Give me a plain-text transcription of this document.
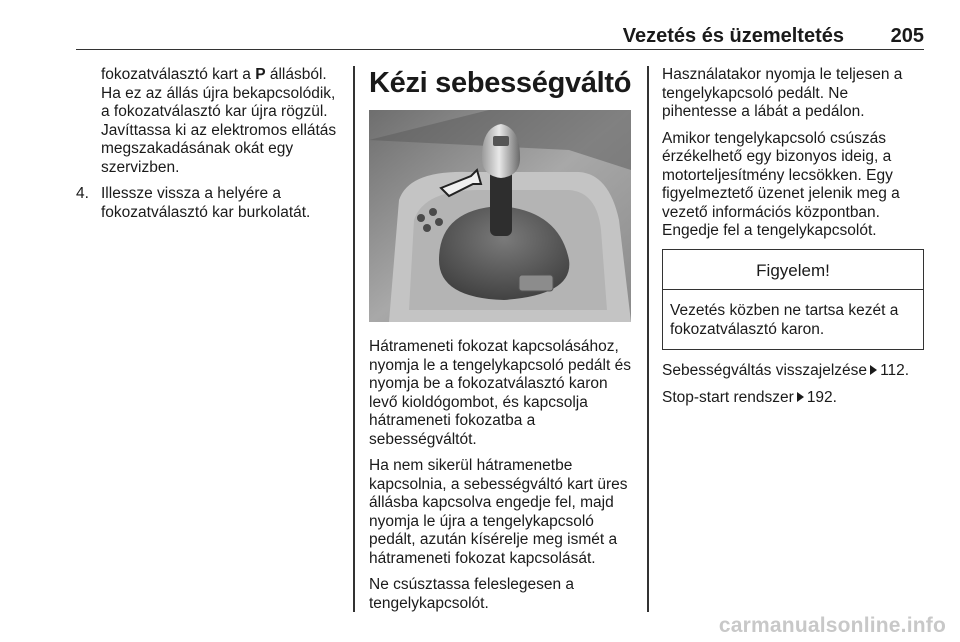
Vezetés és üzemeltetés 205

fokozatválasztó kart a P állásból. Ha ez az állás újra bekapcsolódik, a fokozatválasztó kar újra rögzül. Javíttassa ki az elektromos ellátás megszakadásának okát egy szervizben.

4. Illessze vissza a helyére a fokozatválasztó kar burkolatát.
Kézi sebességváltó

Hátrameneti fokozat kapcsolásához, nyomja le a tengelykapcsoló pedált és nyomja be a fokozatválasztó karon levő kioldógombot, és kapcsolja hátrameneti fokozatba a sebességváltót.

Ha nem sikerül hátramenetbe kapcsolnia, a sebességváltó kart üres állásba kapcsolva engedje fel, majd nyomja le újra a tengelykapcsoló pedált, azután kísérelje meg ismét a hátrameneti fokozat kapcsolását.

Ne csúsztassa feleslegesen a tengelykapcsolót.

Használatakor nyomja le teljesen a tengelykapcsoló pedált. Ne pihentesse a lábát a pedálon.

Amikor tengelykapcsoló csúszás érzékelhető egy bizonyos ideig, a motorteljesítmény lecsökken. Egy figyelmeztető üzenet jelenik meg a vezető információs központban. Engedje fel a tengelykapcsolót.

Figyelem!
Vezetés közben ne tartsa kezét a fokozatválasztó karon.

Sebességváltás visszajelzése 112.

Stop-start rendszer 192.

carmanualsonline.info
